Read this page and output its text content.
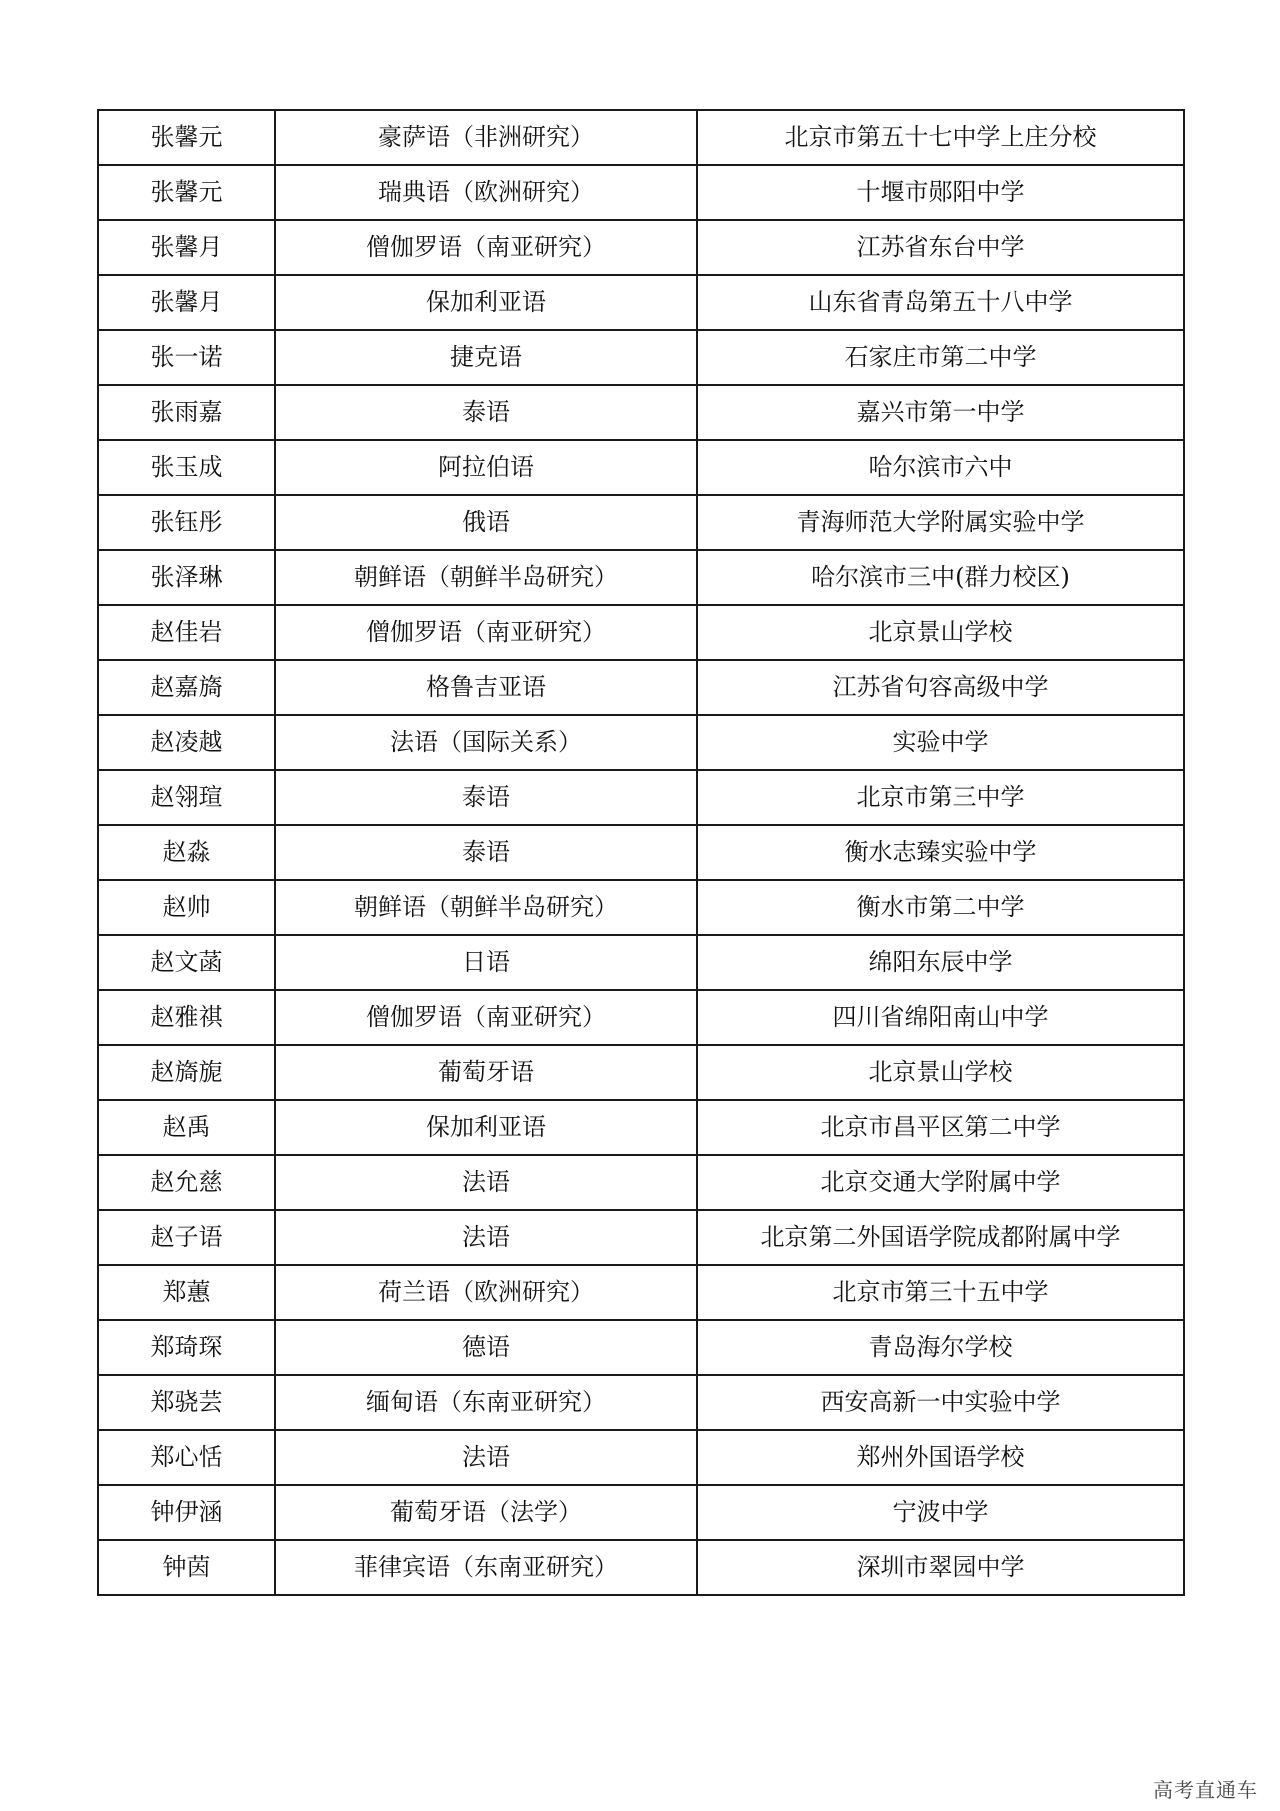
张馨元	豪萨语（非洲研究）	北京市第五十七中学上庄分校
张馨元	瑞典语（欧洲研究）	十堰市郧阳中学
张馨月	僧伽罗语（南亚研究）	江苏省东台中学
张馨月	保加利亚语	山东省青岛第五十八中学
张一诺	捷克语	石家庄市第二中学
张雨嘉	泰语	嘉兴市第一中学
张玉成	阿拉伯语	哈尔滨市六中
张钰彤	俄语	青海师范大学附属实验中学
张泽琳	朝鲜语（朝鲜半岛研究）	哈尔滨市三中(群力校区)
赵佳岩	僧伽罗语（南亚研究）	北京景山学校
赵嘉旖	格鲁吉亚语	江苏省句容高级中学
赵凌越	法语（国际关系）	实验中学
赵翎瑄	泰语	北京市第三中学
赵淼	泰语	衡水志臻实验中学
赵帅	朝鲜语（朝鲜半岛研究）	衡水市第二中学
赵文菡	日语	绵阳东辰中学
赵雅祺	僧伽罗语（南亚研究）	四川省绵阳南山中学
赵旖旎	葡萄牙语	北京景山学校
赵禹	保加利亚语	北京市昌平区第二中学
赵允慈	法语	北京交通大学附属中学
赵子语	法语	北京第二外国语学院成都附属中学
郑蕙	荷兰语（欧洲研究）	北京市第三十五中学
郑琦琛	德语	青岛海尔学校
郑骁芸	缅甸语（东南亚研究）	西安高新一中实验中学
郑心恬	法语	郑州外国语学校
钟伊涵	葡萄牙语（法学）	宁波中学
钟茵	菲律宾语（东南亚研究）	深圳市翠园中学
高考直通车
